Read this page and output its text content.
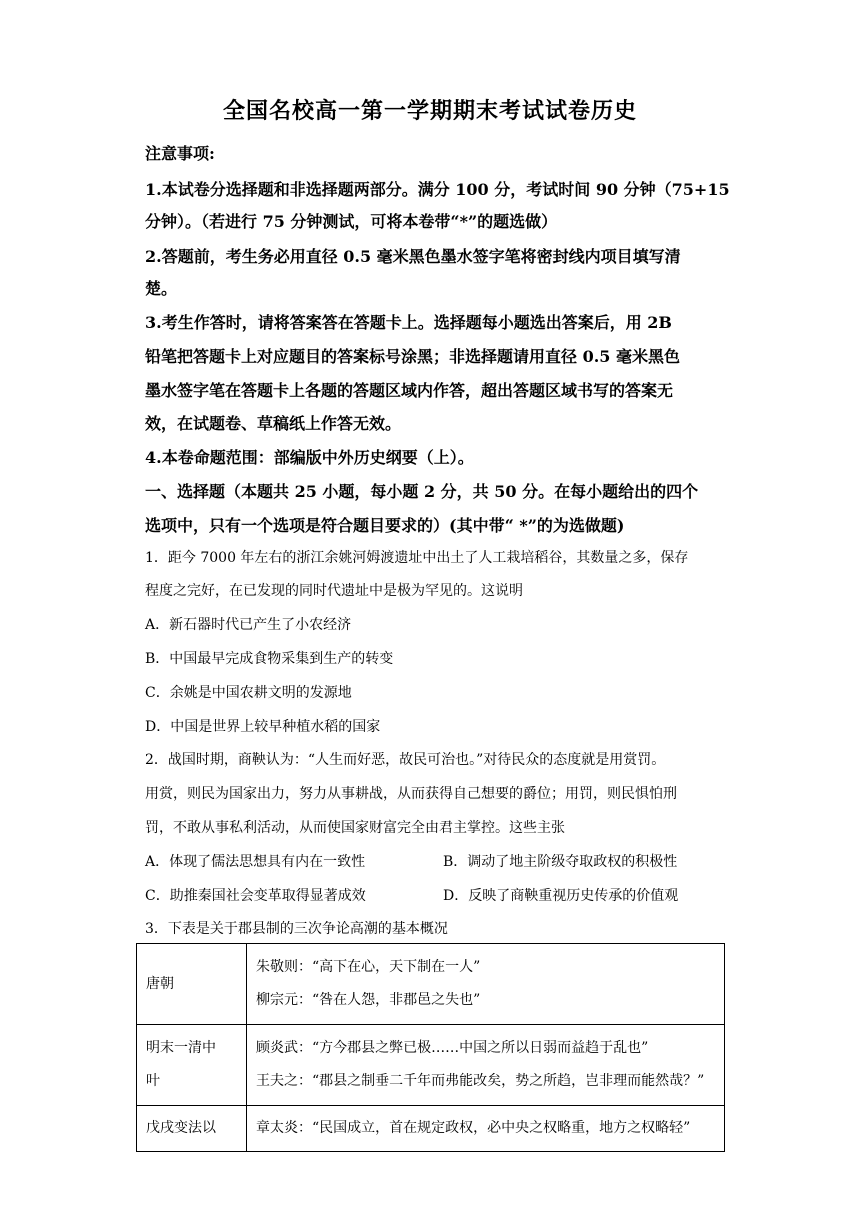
全国名校高一第一学期期末考试试卷历史
注意事项:
1.本试卷分选择题和非选择题两部分。满分 100 分，考试时间 90 分钟（75+15
分钟）。（若进行 75 分钟测试，可将本卷带“*”的题选做）
2.答题前，考生务必用直径 0.5 毫米黑色墨水签字笔将密封线内项目填写清
楚。
3.考生作答时，请将答案答在答题卡上。选择题每小题选出答案后，用 2B
铅笔把答题卡上对应题目的答案标号涂黑；非选择题请用直径 0.5 毫米黑色
墨水签字笔在答题卡上各题的答题区域内作答，超出答题区域书写的答案无
效，在试题卷、草稿纸上作答无效。
4.本卷命题范围：部编版中外历史纲要（上）。
一、选择题（本题共 25 小题，每小题 2 分，共 50 分。在每小题给出的四个
选项中，只有一个选项是符合题目要求的）(其中带“ *”的为选做题)
1．距今 7000 年左右的浙江余姚河姆渡遗址中出土了人工栽培稻谷，其数量之多，保存
程度之完好，在已发现的同时代遗址中是极为罕见的。这说明
A．新石器时代已产生了小农经济
B．中国最早完成食物采集到生产的转变
C．余姚是中国农耕文明的发源地
D．中国是世界上较早种植水稻的国家
2．战国时期，商鞅认为：“人生而好恶，故民可治也。”对待民众的态度就是用赏罚。
用赏，则民为国家出力，努力从事耕战，从而获得自己想要的爵位；用罚，则民惧怕刑
罚，不敢从事私利活动，从而使国家财富完全由君主掌控。这些主张
A．体现了儒法思想具有内在一致性	B．调动了地主阶级夺取政权的积极性
C．助推秦国社会变革取得显著成效	D．反映了商鞅重视历史传承的价值观
3．下表是关于郡县制的三次争论高潮的基本概况
唐朝	朱敬则：“高下在心，天下制在一人”
柳宗元：“咎在人怨，非郡邑之失也”

明末一清中
叶	顾炎武：“方今郡县之弊已极……中国之所以日弱而益趋于乱也”
王夫之：“郡县之制垂二千年而弗能改矣，势之所趋，岂非理而能然哉？”

戊戌变法以	章太炎：“民国成立，首在规定政权，必中央之权略重，地方之权略轻”
